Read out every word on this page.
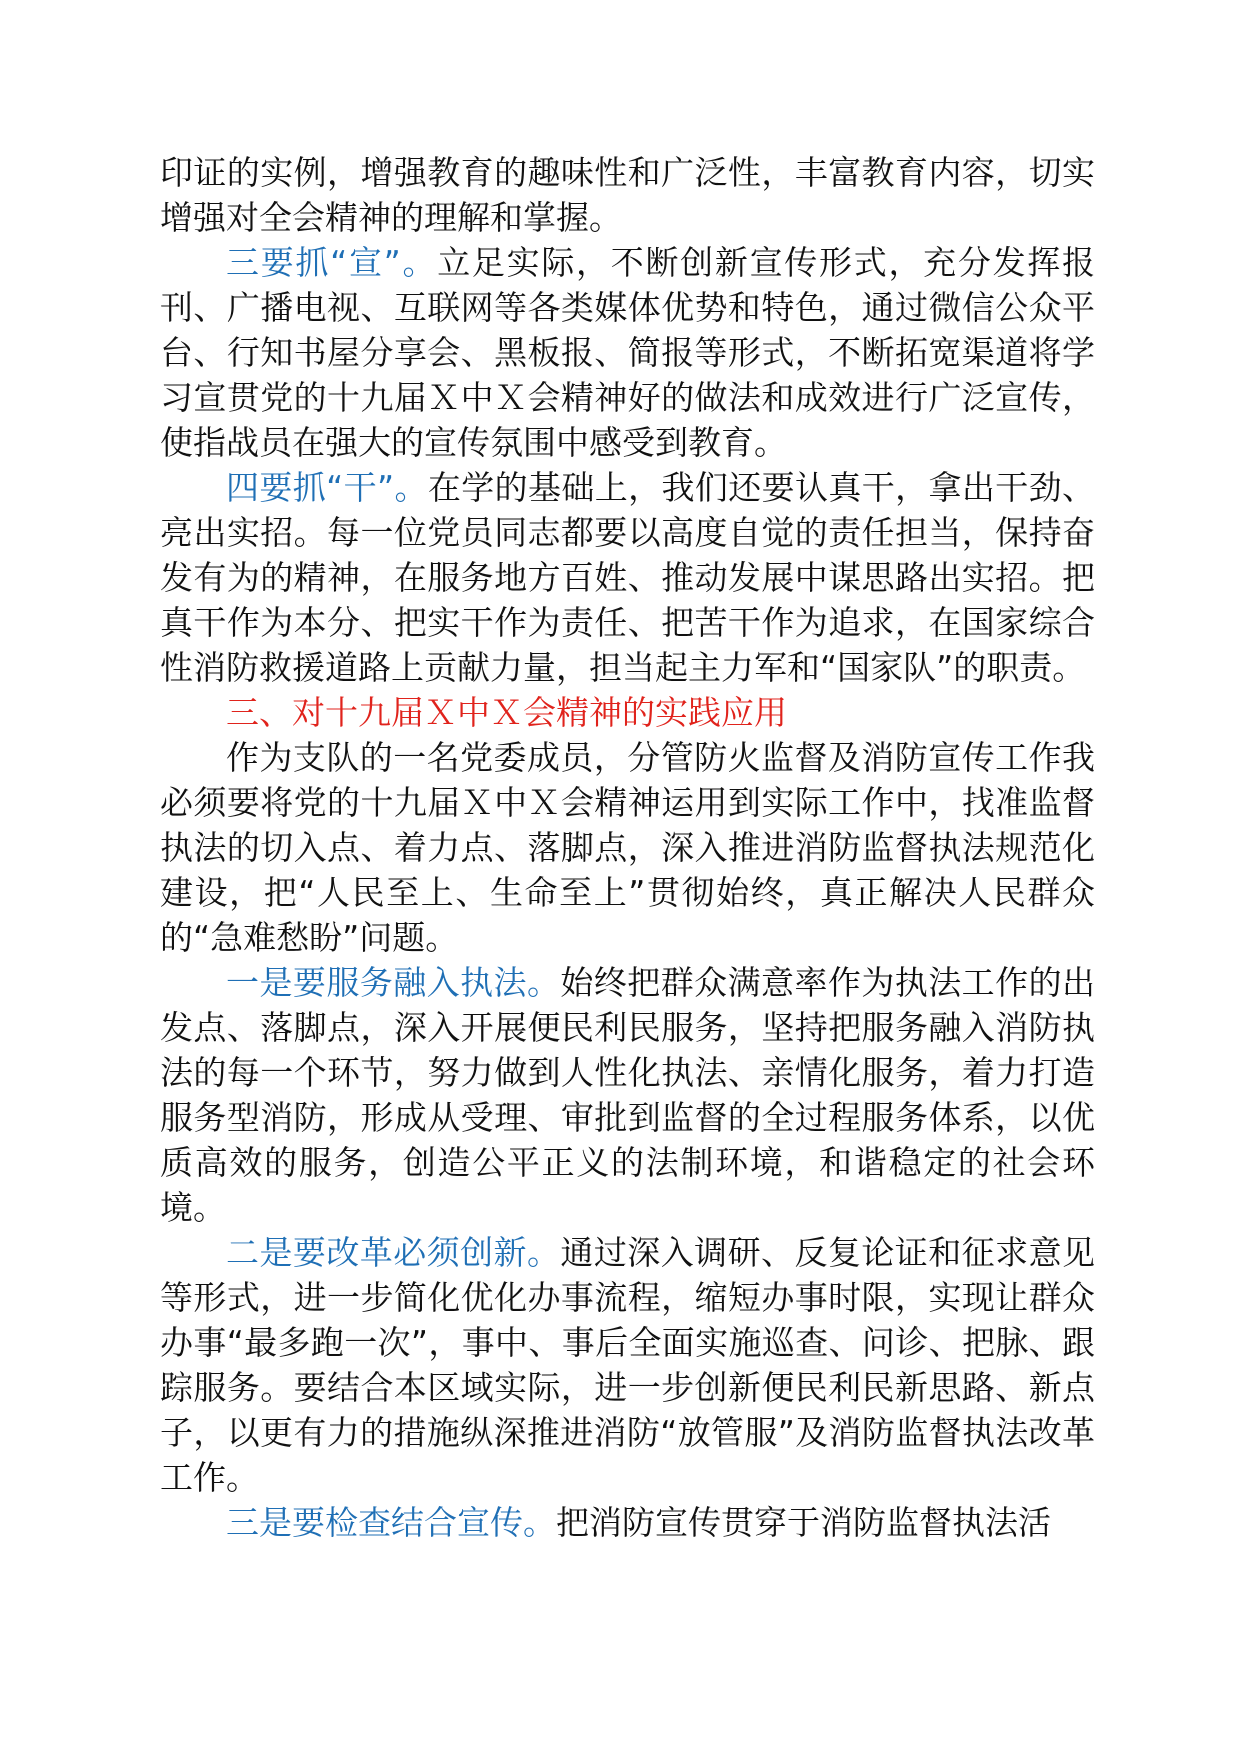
印证的实例，增强教育的趣味性和广泛性，丰富教育内容，切实增强对全会精神的理解和掌握。

三要抓“宣”。立足实际，不断创新宣传形式，充分发挥报刊、广播电视、互联网等各类媒体优势和特色，通过微信公众平台、行知书屋分享会、黑板报、简报等形式，不断拓宽渠道将学习宣贯党的十九届Ｘ中Ｘ会精神好的做法和成效进行广泛宣传，使指战员在强大的宣传氛围中感受到教育。

四要抓“干”。在学的基础上，我们还要认真干，拿出干劲、亮出实招。每一位党员同志都要以高度自觉的责任担当，保持奋发有为的精神，在服务地方百姓、推动发展中谋思路出实招。把真干作为本分、把实干作为责任、把苦干作为追求，在国家综合性消防救援道路上贡献力量，担当起主力军和“国家队”的职责。

三、对十九届Ｘ中Ｘ会精神的实践应用

作为支队的一名党委成员，分管防火监督及消防宣传工作我必须要将党的十九届Ｘ中Ｘ会精神运用到实际工作中，找准监督执法的切入点、着力点、落脚点，深入推进消防监督执法规范化建设，把“人民至上、生命至上”贯彻始终，真正解决人民群众的“急难愁盼”问题。

一是要服务融入执法。始终把群众满意率作为执法工作的出发点、落脚点，深入开展便民利民服务，坚持把服务融入消防执法的每一个环节，努力做到人性化执法、亲情化服务，着力打造服务型消防，形成从受理、审批到监督的全过程服务体系，以优质高效的服务，创造公平正义的法制环境，和谐稳定的社会环境。

二是要改革必须创新。通过深入调研、反复论证和征求意见等形式，进一步简化优化办事流程，缩短办事时限，实现让群众办事“最多跑一次”，事中、事后全面实施巡查、问诊、把脉、跟踪服务。要结合本区域实际，进一步创新便民利民新思路、新点子，以更有力的措施纵深推进消防“放管服”及消防监督执法改革工作。

三是要检查结合宣传。把消防宣传贯穿于消防监督执法活
